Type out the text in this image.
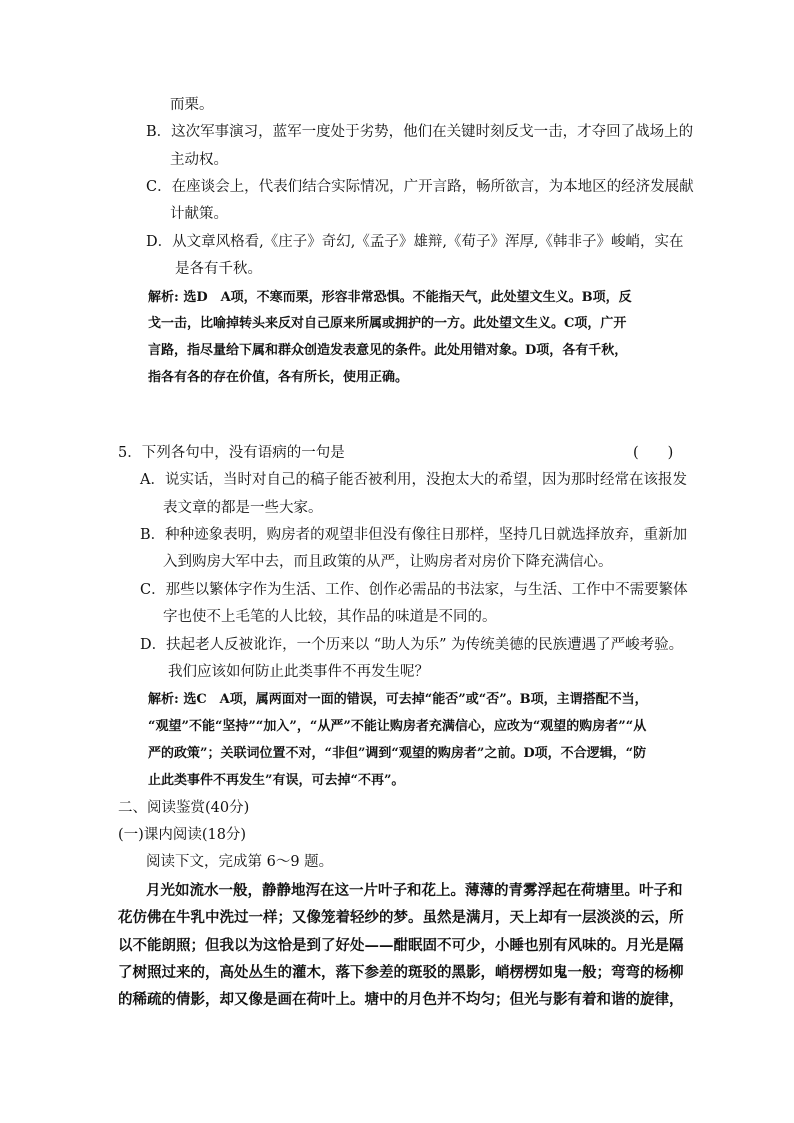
而栗。
B．这次军事演习，蓝军一度处于劣势，他们在关键时刻反戈一击，才夺回了战场上的
主动权。
C．在座谈会上，代表们结合实际情况，广开言路，畅所欲言，为本地区的经济发展献
计献策。
D．从文章风格看,《庄子》奇幻,《孟子》雄辩,《荀子》浑厚,《韩非子》峻峭，实在
是各有千秋。
解析: 选D　A项，不寒而栗，形容非常恐惧。不能指天气，此处望文生义。B项，反
戈一击，比喻掉转头来反对自己原来所属或拥护的一方。此处望文生义。C项，广开
言路，指尽量给下属和群众创造发表意见的条件。此处用错对象。D项，各有千秋，
指各有各的存在价值，各有所长，使用正确。
5．下列各句中，没有语病的一句是	(　　)
A．说实话，当时对自己的稿子能否被利用，没抱太大的希望，因为那时经常在该报发
表文章的都是一些大家。
B．种种迹象表明，购房者的观望非但没有像往日那样，坚持几日就选择放弃，重新加
入到购房大军中去，而且政策的从严，让购房者对房价下降充满信心。
C．那些以繁体字作为生活、工作、创作必需品的书法家，与生活、工作中不需要繁体
字也使不上毛笔的人比较，其作品的味道是不同的。
D．扶起老人反被讹诈，一个历来以 “助人为乐” 为传统美德的民族遭遇了严峻考验。
我们应该如何防止此类事件不再发生呢？
解析: 选C　A项，属两面对一面的错误，可去掉“能否”或“否”。B项，主谓搭配不当，
“观望”不能“坚持”“加入”，“从严”不能让购房者充满信心，应改为“观望的购房者”“从
严的政策”；关联词位置不对，“非但”调到“观望的购房者”之前。D项，不合逻辑，“防
止此类事件不再发生”有误，可去掉“不再”。
二、阅读鉴赏(40分)
(一)课内阅读(18分)
阅读下文，完成第 6～9 题。
月光如流水一般，静静地泻在这一片叶子和花上。薄薄的青雾浮起在荷塘里。叶子和
花仿佛在牛乳中洗过一样；又像笼着轻纱的梦。虽然是满月，天上却有一层淡淡的云，所
以不能朗照；但我以为这恰是到了好处——酣眠固不可少，小睡也别有风味的。月光是隔
了树照过来的，高处丛生的灌木，落下参差的斑驳的黑影，峭楞楞如鬼一般；弯弯的杨柳
的稀疏的倩影，却又像是画在荷叶上。塘中的月色并不均匀；但光与影有着和谐的旋律，
